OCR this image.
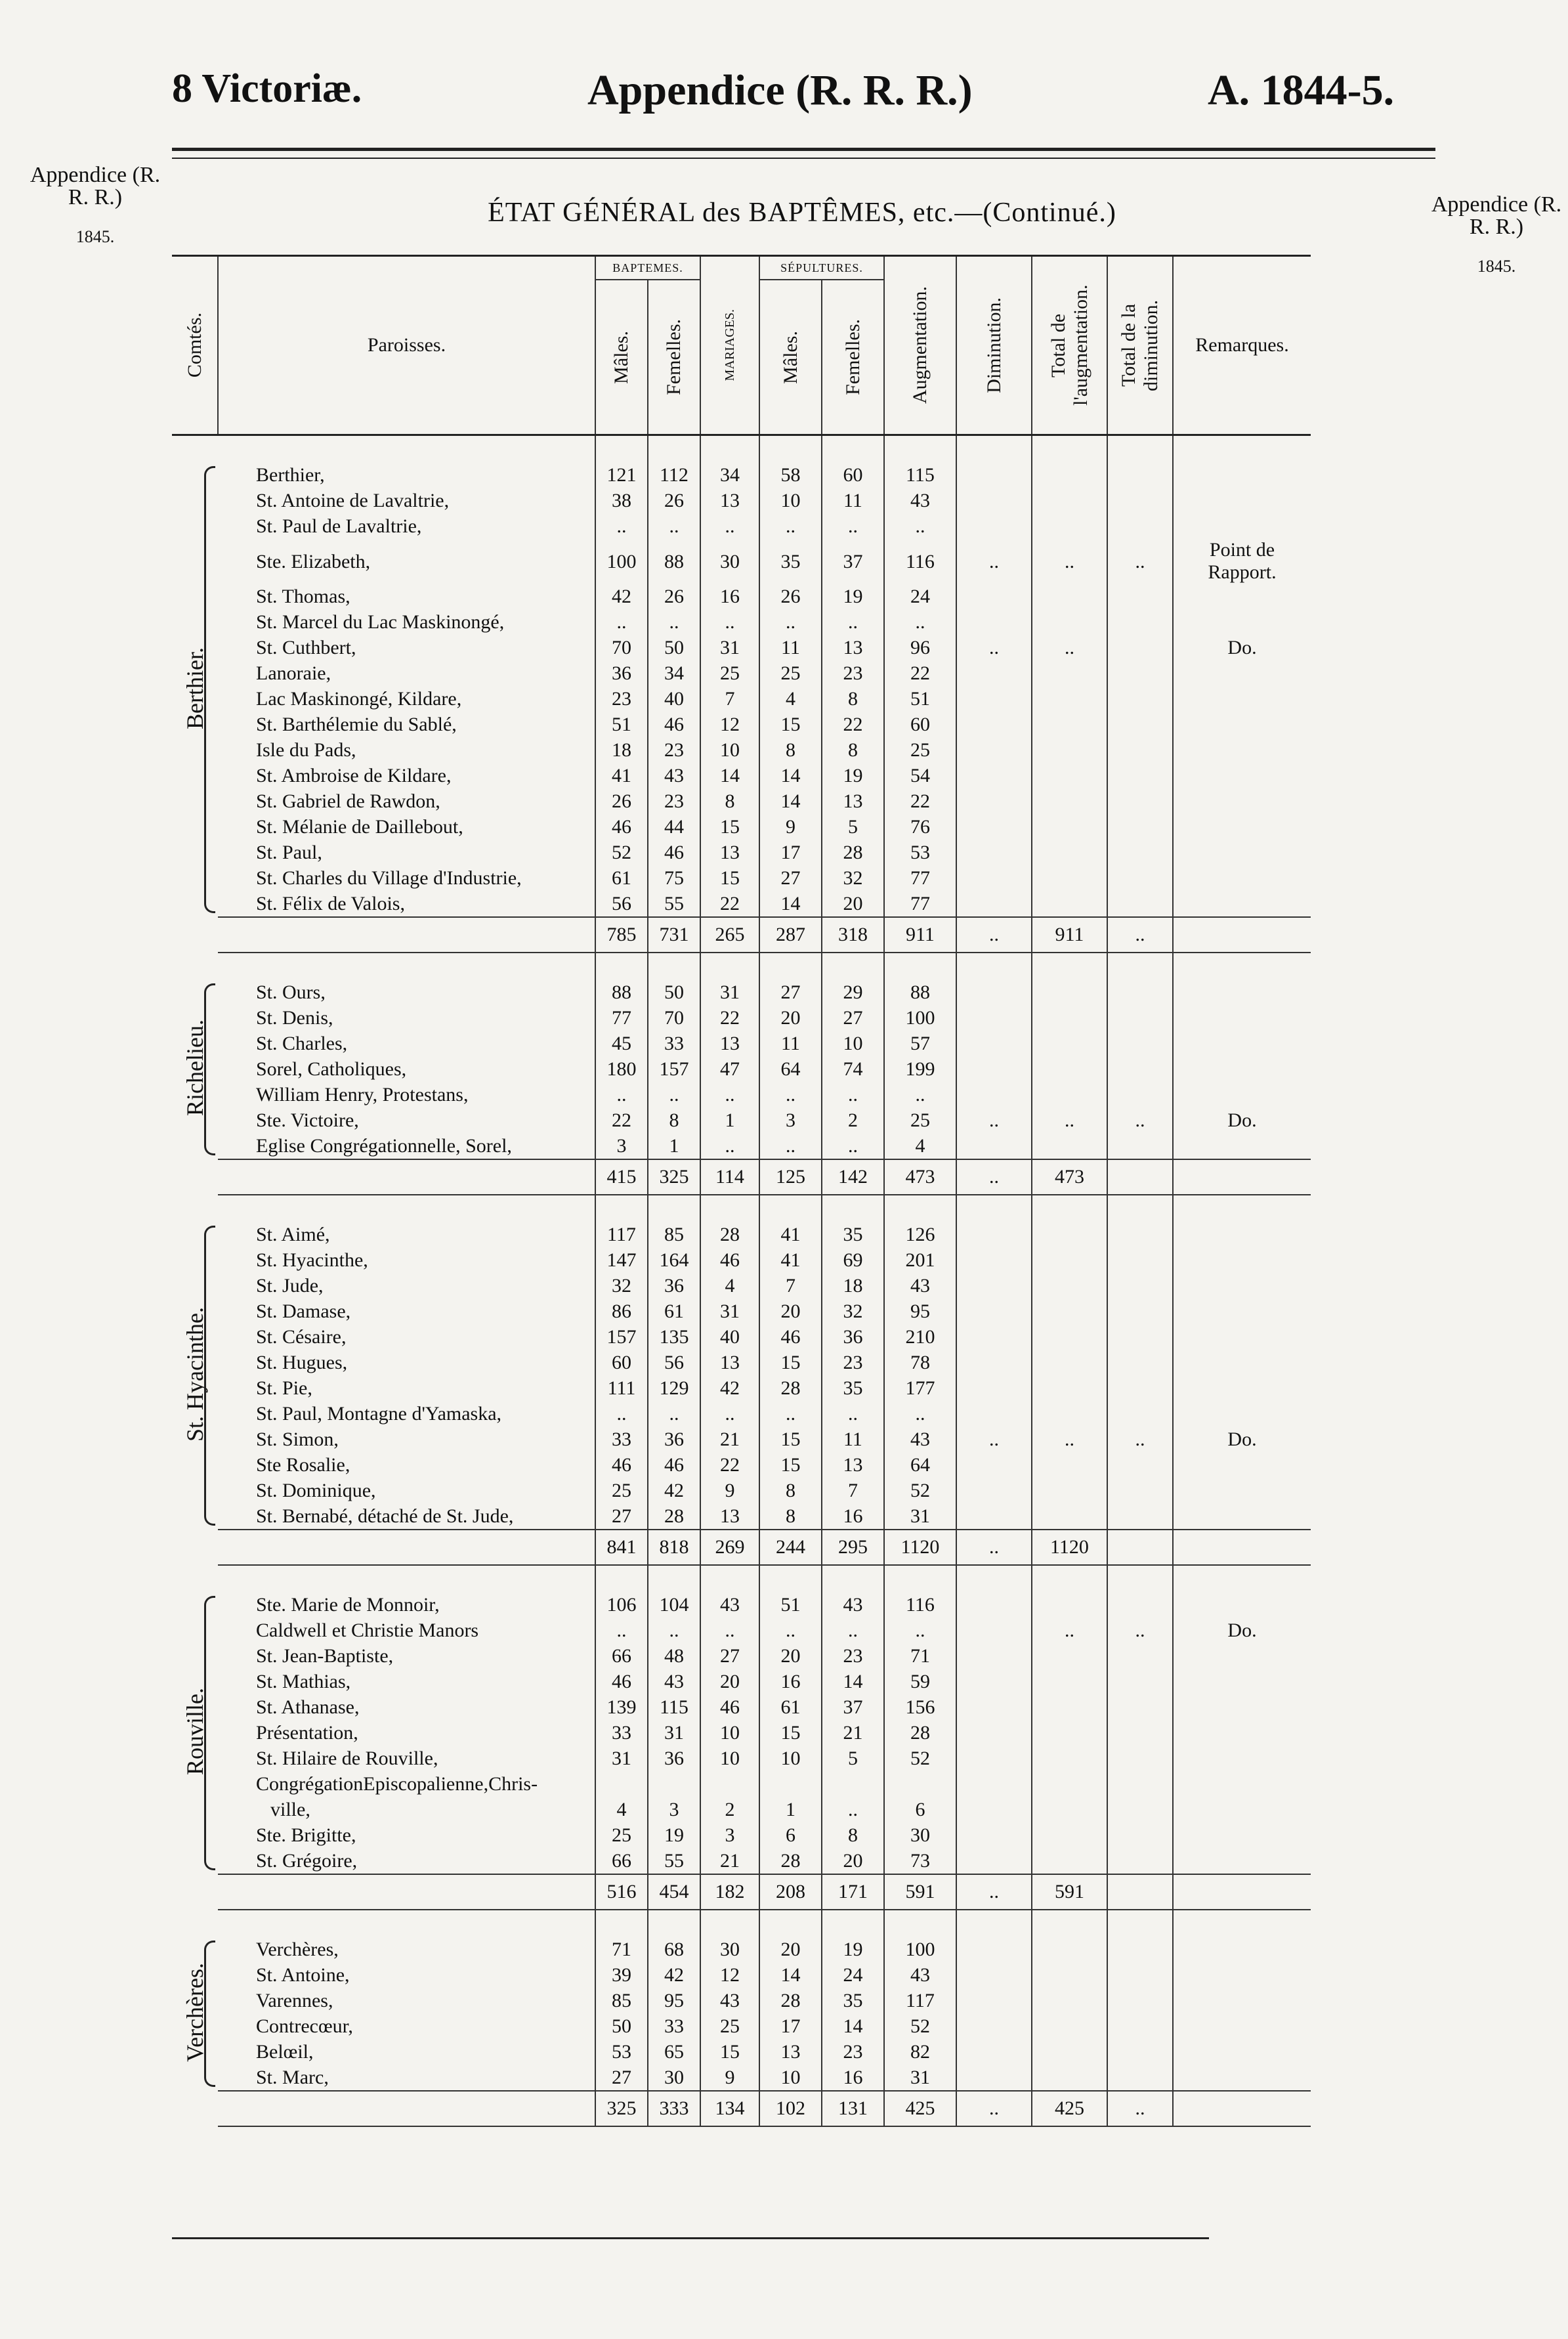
8 Victoriæ.	Appendice (R. R. R.)	A. 1844-5.
Appendice (R. R. R.)
1845.
Appendice (R. R. R.)
1845.
ÉTAT GÉNÉRAL des BAPTÊMES, etc.—(Continué.)
Comtés.	Paroisses.	BAPTEMES.		MARIAGES.	SÉPULTURES.		Augmentation.	Diminution.	Total de l'augmentation.	Total de la diminution.	Remarques.

		Mâles.	Femelles.		Mâles.	Femelles.					

Berthier.	Berthier,	121	112	34	58	60	115				
	St. Antoine de Lavaltrie,	38	26	13	10	11	43				
	St. Paul de Lavaltrie,	..	..	..	..	..	..				
	Ste. Elizabeth,	100	88	30	35	37	116	..	..	..	Point de Rapport.
	St. Thomas,	42	26	16	26	19	24				
	St. Marcel du Lac Maskinongé,	..	..	..	..	..	..				
	St. Cuthbert,	70	50	31	11	13	96	..	..		Do.
	Lanoraie,	36	34	25	25	23	22				
	Lac Maskinongé, Kildare,	23	40	7	4	8	51				
	St. Barthélemie du Sablé,	51	46	12	15	22	60				
	Isle du Pads,	18	23	10	8	8	25				
	St. Ambroise de Kildare,	41	43	14	14	19	54				
	St. Gabriel de Rawdon,	26	23	8	14	13	22				
	St. Mélanie de Daillebout,	46	44	15	9	5	76				
	St. Paul,	52	46	13	17	28	53				
	St. Charles du Village d'Industrie,	61	75	15	27	32	77				
	St. Félix de Valois,	56	55	22	14	20	77				
		785	731	265	287	318	911	..	911	..	

Richelieu.	St. Ours,	88	50	31	27	29	88				
	St. Denis,	77	70	22	20	27	100				
	St. Charles,	45	33	13	11	10	57				
	Sorel, Catholiques,	180	157	47	64	74	199				
	William Henry, Protestans,	..	..	..	..	..	..				
	Ste. Victoire,	22	8	1	3	2	25	..	..	..	Do.
	Eglise Congrégationnelle, Sorel,	3	1	..	..	..	4				
		415	325	114	125	142	473	..	473		

St. Hyacinthe.	St. Aimé,	117	85	28	41	35	126				
	St. Hyacinthe,	147	164	46	41	69	201				
	St. Jude,	32	36	4	7	18	43				
	St. Damase,	86	61	31	20	32	95				
	St. Césaire,	157	135	40	46	36	210				
	St. Hugues,	60	56	13	15	23	78				
	St. Pie,	111	129	42	28	35	177				
	St. Paul, Montagne d'Yamaska,	..	..	..	..	..	..				
	St. Simon,	33	36	21	15	11	43	..	..	..	Do.
	Ste Rosalie,	46	46	22	15	13	64				
	St. Dominique,	25	42	9	8	7	52				
	St. Bernabé, détaché de St. Jude,	27	28	13	8	16	31				
		841	818	269	244	295	1120	..	1120		

Rouville.	Ste. Marie de Monnoir,	106	104	43	51	43	116				
	Caldwell et Christie Manors	..	..	..	..	..	..		..	..	Do.
	St. Jean-Baptiste,	66	48	27	20	23	71				
	St. Mathias,	46	43	20	16	14	59				
	St. Athanase,	139	115	46	61	37	156				
	Présentation,	33	31	10	15	21	28				
	St. Hilaire de Rouville,	31	36	10	10	5	52				
	CongrégationEpiscopalienne,Chris-										
	ville,	4	3	2	1	..	6				
	Ste. Brigitte,	25	19	3	6	8	30				
	St. Grégoire,	66	55	21	28	20	73				
		516	454	182	208	171	591	..	591		

Verchères.	Verchères,	71	68	30	20	19	100				
	St. Antoine,	39	42	12	14	24	43				
	Varennes,	85	95	43	28	35	117				
	Contrecœur,	50	33	25	17	14	52				
	Belœil,	53	65	15	13	23	82				
	St. Marc,	27	30	9	10	16	31				
		325	333	134	102	131	425	..	425	..	
